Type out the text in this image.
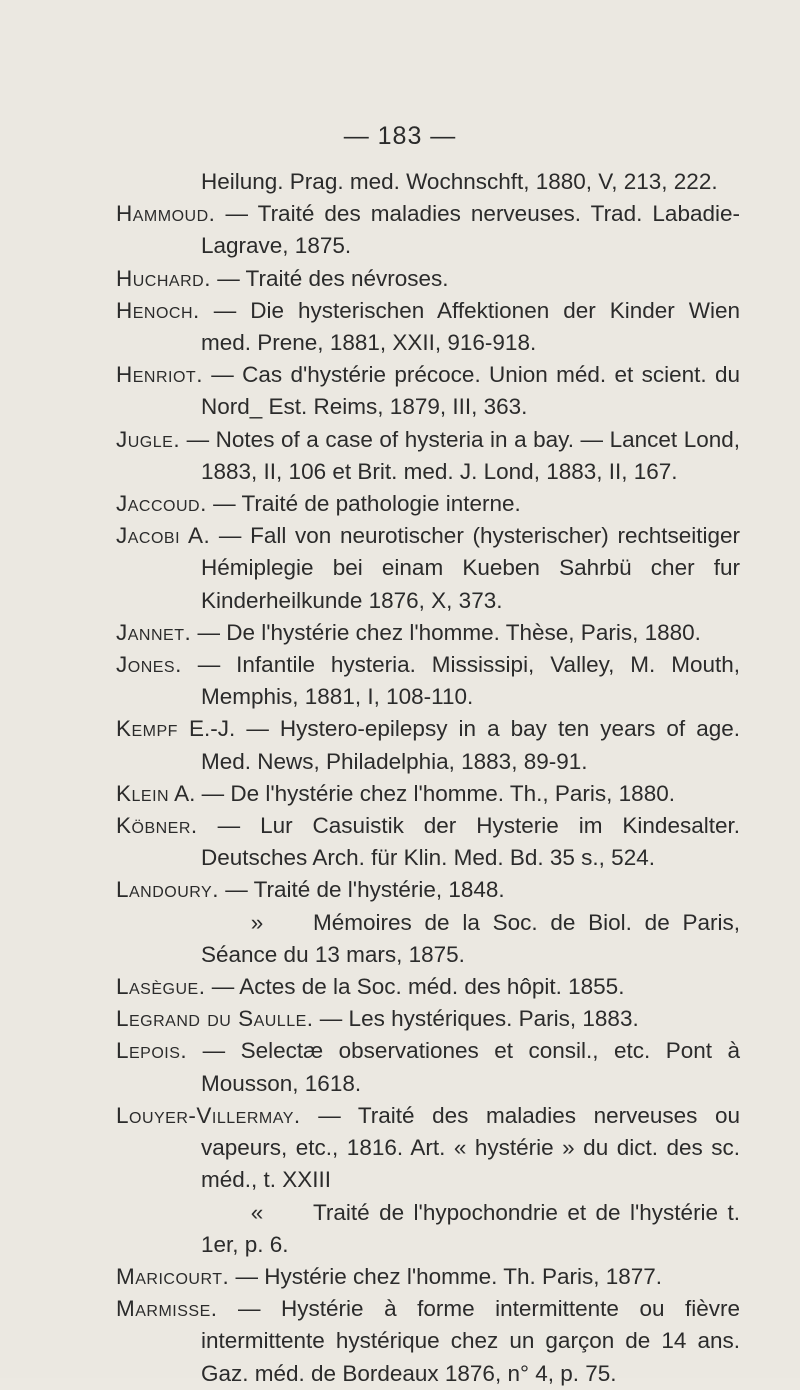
— 183 —
Heilung. Prag. med. Wochnschft, 1880, V, 213, 222.
Hammoud. — Traité des maladies nerveuses. Trad. Labadie-Lagrave, 1875.
Huchard. — Traité des névroses.
Henoch. — Die hysterischen Affektionen der Kinder Wien med. Prene, 1881, XXII, 916-918.
Henriot. — Cas d'hystérie précoce. Union méd. et scient. du Nord_ Est. Reims, 1879, III, 363.
Jugle. — Notes of a case of hysteria in a bay. — Lancet Lond, 1883, II, 106 et Brit. med. J. Lond, 1883, II, 167.
Jaccoud. — Traité de pathologie interne.
Jacobi A. — Fall von neurotischer (hysterischer) rechtseitiger Hémiplegie bei einam Kueben Sahrbü cher fur Kinderheilkunde 1876, X, 373.
Jannet. — De l'hystérie chez l'homme. Thèse, Paris, 1880.
Jones. — Infantile hysteria. Mississipi, Valley, M. Mouth, Memphis, 1881, I, 108-110.
Kempf E.-J. — Hystero-epilepsy in a bay ten years of age. Med. News, Philadelphia, 1883, 89-91.
Klein A. — De l'hystérie chez l'homme. Th., Paris, 1880.
Köbner. — Lur Casuistik der Hysterie im Kindesalter. Deutsches Arch. für Klin. Med. Bd. 35 s., 524.
Landoury. — Traité de l'hystérie, 1848.
» Mémoires de la Soc. de Biol. de Paris, Séance du 13 mars, 1875.
Lasègue. — Actes de la Soc. méd. des hôpit. 1855.
Legrand du Saulle. — Les hystériques. Paris, 1883.
Lepois. — Selectæ observationes et consil., etc. Pont à Mousson, 1618.
Louyer-Villermay. — Traité des maladies nerveuses ou vapeurs, etc., 1816. Art. « hystérie » du dict. des sc. méd., t. XXIII
« Traité de l'hypochondrie et de l'hystérie t. 1er, p. 6.
Maricourt. — Hystérie chez l'homme. Th. Paris, 1877.
Marmisse. — Hystérie à forme intermittente ou fièvre intermittente hystérique chez un garçon de 14 ans. Gaz. méd. de Bordeaux 1876, n° 4, p. 75.
